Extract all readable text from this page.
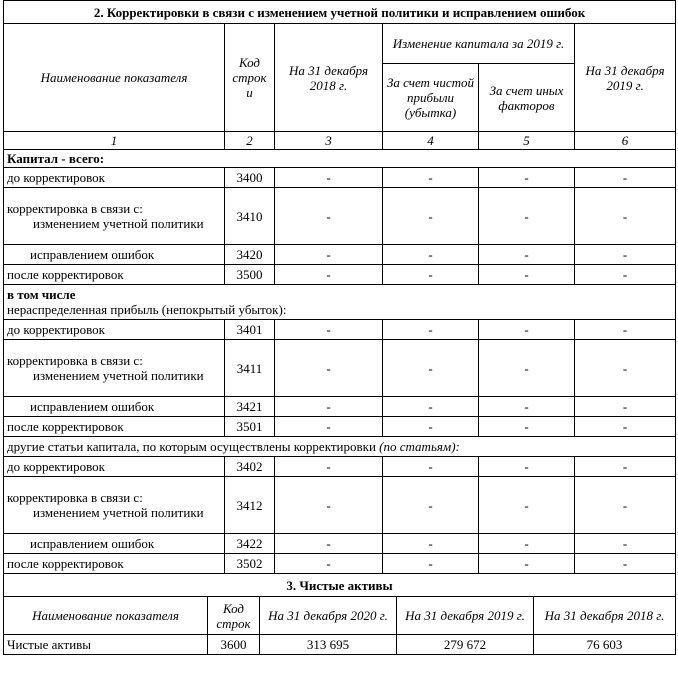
2. Корректировки в связи с изменением учетной политики и исправлением ошибок					
Наименование показателя	Код строк и	На 31 декабря 2018 г.	Изменение капитала за 2019 г.		На 31 декабря 2019 г.
			За счет чистой прибыли (убытка)	За счет иных факторов	
1	2	3	4	5	6
Капитал - всего:					
до корректировок	3400	-	-	-	-

корректировка в связи с:
изменением учетной политики	3410	-	-	-	-
исправлением ошибок	3420	-	-	-	-
после корректировок	3500	-	-	-	-

в том числе
нераспределенная прибыль (непокрытый убыток):					

до корректировок	3401	-	-	-	-

корректировка в связи с:
изменением учетной политики	3411	-	-	-	-
исправлением ошибок	3421	-	-	-	-
после корректировок	3501	-	-	-	-
другие статьи капитала, по которым осуществлены корректировки (по статьям):					
до корректировок	3402	-	-	-	-

корректировка в связи с:
изменением учетной политики	3412	-	-	-	-
исправлением ошибок	3422	-	-	-	-
после корректировок	3502	-	-	-	-
3. Чистые активы				
Наименование показателя	Код строк	На 31 декабря 2020 г.	На 31 декабря 2019 г.	На 31 декабря 2018 г.
Чистые активы	3600	313 695	279 672	76 603
